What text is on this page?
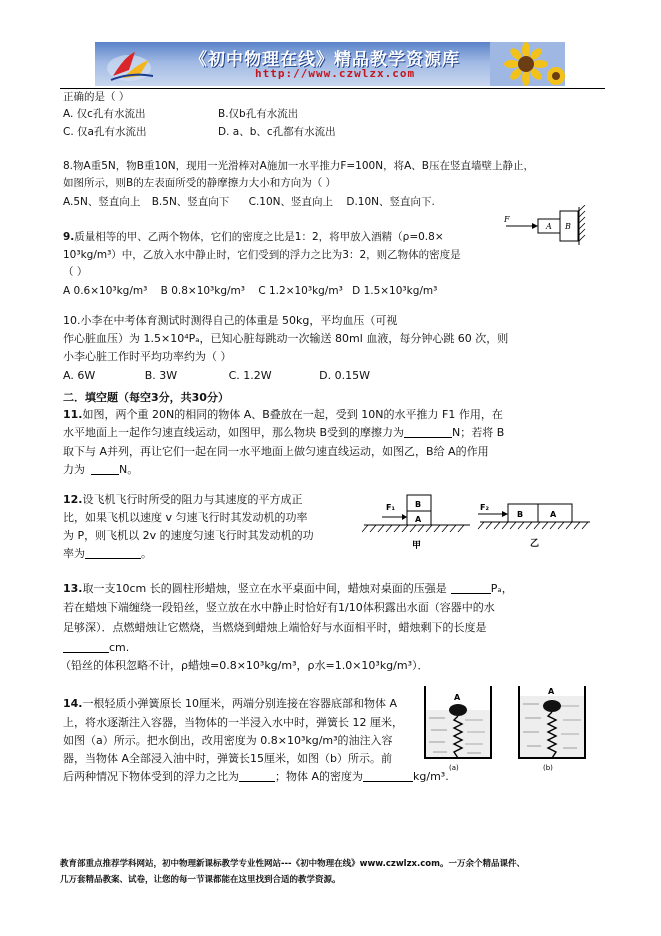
《初中物理在线》精品教学资源库
http://www.czwlzx.com
正确的是（ ）
A. 仅c孔有水流出	B.仅b孔有水流出
C. 仅a孔有水流出	D. a、b、c孔都有水流出
8.物A重5N，物B重10N，现用一光滑棒对A施加一水平推力F=100N，将A、B压在竖直墙壁上静止，
如图所示，则B的左表面所受的静摩擦力大小和方向为（ ）
A.5N、竖直向上 B.5N、竖直向下 C.10N、竖直向上 D.10N、竖直向下.
F
A B
9.质量相等的甲、乙两个物体，它们的密度之比是1：2，将甲放入酒精（ρ=0.8×
10³kg/m³）中，乙放入水中静止时，它们受到的浮力之比为3：2，则乙物体的密度是
（ ）
A 0.6×10³kg/m³ B 0.8×10³kg/m³ C 1.2×10³kg/m³ D 1.5×10³kg/m³
10.小李在中考体育测试时测得自己的体重是 50kg，平均血压（可视
作心脏血压）为 1.5×10⁴Pₐ，已知心脏每跳动一次输送 80ml 血液，每分钟心跳 60 次，则
小李心脏工作时平均功率约为（ ）
A. 6W	B. 3W	C. 1.2W	D. 0.15W
二．填空题（每空3分，共30分）
11.如图，两个重 20N的相同的物体 A、B叠放在一起，受到 10N的水平推力 F1 作用，在
水平地面上一起作匀速直线运动，如图甲，那么物块 B受到的摩擦力为	N；若将 B
取下与 A并列，再让它们一起在同一水平地面上做匀速直线运动，如图乙，B给 A的作用
力为	N。
12.设飞机飞行时所受的阻力与其速度的平方成正
比，如果飞机以速度 v 匀速飞行时其发动机的功率
为 P，则飞机以 2v 的速度匀速飞行时其发动机的功
率为	。
F₁	B
A
甲
F₂
B	A
乙
13.取一支10cm 长的圆柱形蜡烛，竖立在水平桌面中间，蜡烛对桌面的压强是	Pₐ，
若在蜡烛下端缠绕一段铅丝，竖立放在水中静止时恰好有1/10体积露出水面（容器中的水
足够深）．点燃蜡烛让它燃烧，当燃烧到蜡烛上端恰好与水面相平时，蜡烛剩下的长度是
cm.
（铅丝的体积忽略不计，ρ蜡烛=0.8×10³kg/m³，ρ水=1.0×10³kg/m³）．
14.一根轻质小弹簧原长 10厘米，两端分别连接在容器底部和物体 A
上，将水逐渐注入容器，当物体的一半浸入水中时，弹簧长 12 厘米，
如图（a）所示。把水倒出，改用密度为 0.8×10³kg/m³的油注入容
器，当物体 A全部浸入油中时，弹簧长15厘米，如图（b）所示。前
后两种情况下物体受到的浮力之比为	；物体 A的密度为	kg/m³.
A
(a)
A
(b)
教育部重点推荐学科网站，初中物理新课标教学专业性网站---《初中物理在线》www.czwlzx.com。一万余个精品课件、
几万套精品教案、试卷，让您的每一节课都能在这里找到合适的教学资源。
